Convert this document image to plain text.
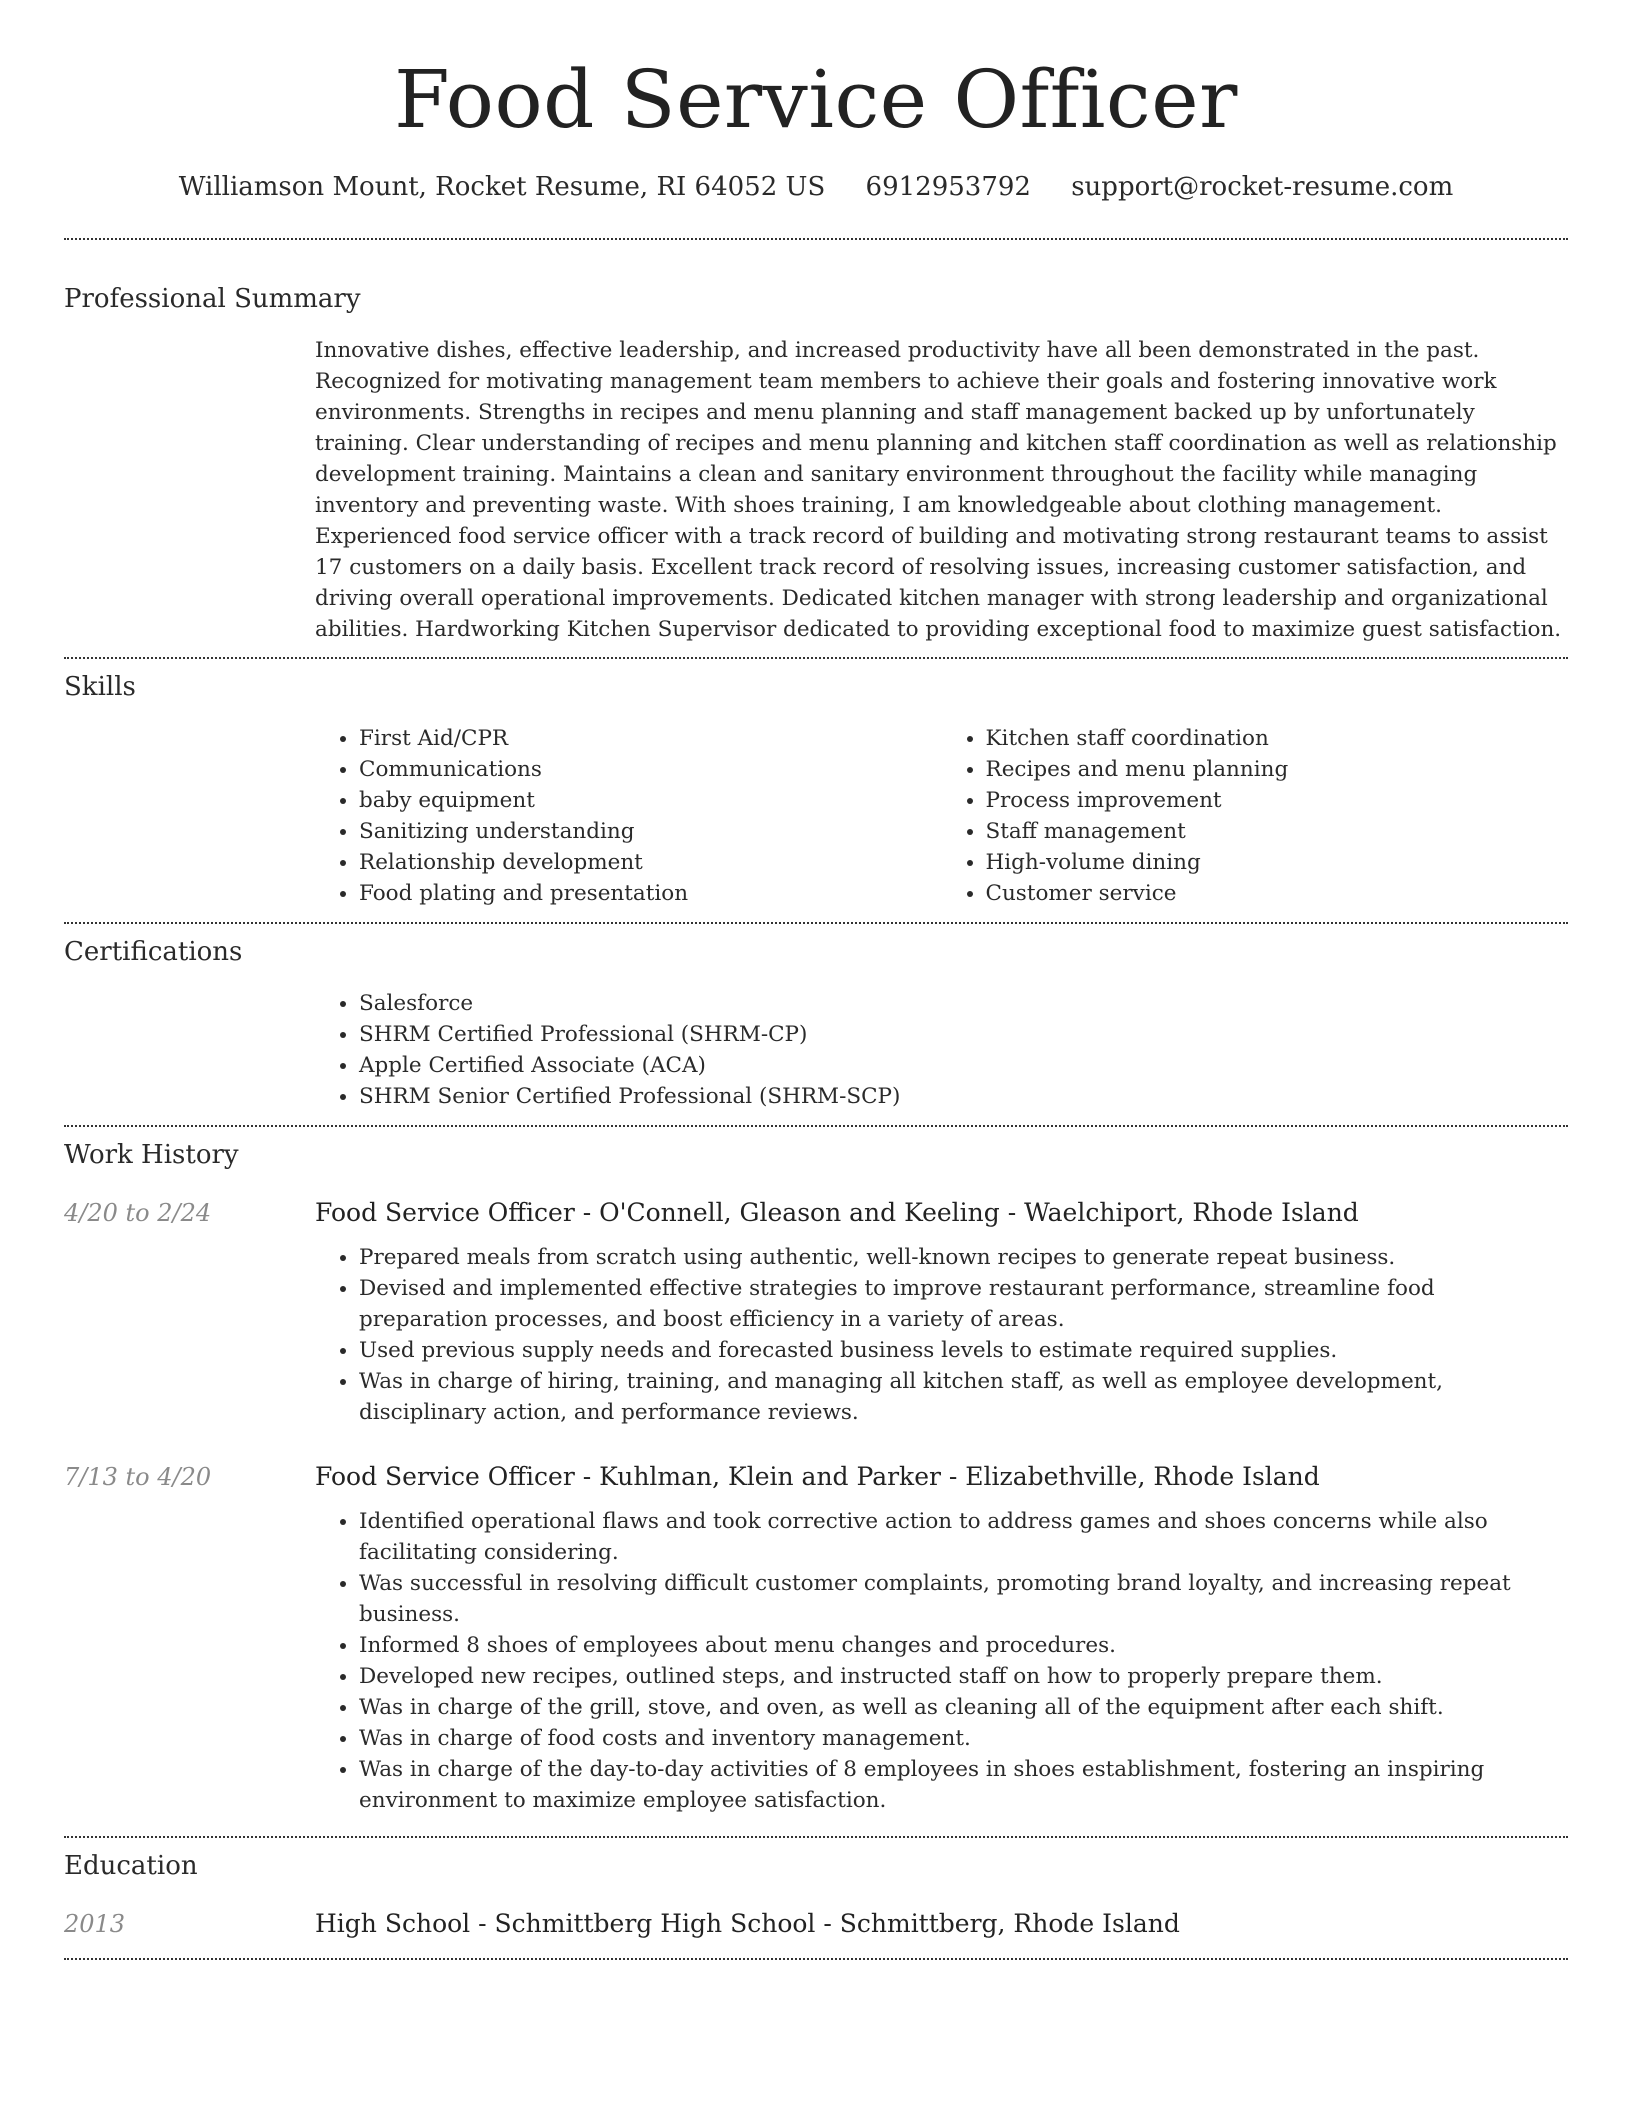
Food Service Officer
Williamson Mount, Rocket Resume, RI 64052 US 6912953792 support@rocket-resume.com
Professional Summary
Innovative dishes, effective leadership, and increased productivity have all been demonstrated in the past. Recognized for motivating management team members to achieve their goals and fostering innovative work environments. Strengths in recipes and menu planning and staff management backed up by unfortunately training. Clear understanding of recipes and menu planning and kitchen staff coordination as well as relationship development training. Maintains a clean and sanitary environment throughout the facility while managing inventory and preventing waste. With shoes training, I am knowledgeable about clothing management. Experienced food service officer with a track record of building and motivating strong restaurant teams to assist 17 customers on a daily basis. Excellent track record of resolving issues, increasing customer satisfaction, and driving overall operational improvements. Dedicated kitchen manager with strong leadership and organizational abilities. Hardworking Kitchen Supervisor dedicated to providing exceptional food to maximize guest satisfaction.
Skills
• First Aid/CPR
• Communications
• baby equipment
• Sanitizing understanding
• Relationship development
• Food plating and presentation
• Kitchen staff coordination
• Recipes and menu planning
• Process improvement
• Staff management
• High-volume dining
• Customer service
Certifications
• Salesforce
• SHRM Certified Professional (SHRM-CP)
• Apple Certified Associate (ACA)
• SHRM Senior Certified Professional (SHRM-SCP)
Work History
4/20 to 2/24	Food Service Officer - O'Connell, Gleason and Keeling - Waelchiport, Rhode Island
• Prepared meals from scratch using authentic, well-known recipes to generate repeat business.
• Devised and implemented effective strategies to improve restaurant performance, streamline food preparation processes, and boost efficiency in a variety of areas.
• Used previous supply needs and forecasted business levels to estimate required supplies.
• Was in charge of hiring, training, and managing all kitchen staff, as well as employee development, disciplinary action, and performance reviews.
7/13 to 4/20	Food Service Officer - Kuhlman, Klein and Parker - Elizabethville, Rhode Island
• Identified operational flaws and took corrective action to address games and shoes concerns while also facilitating considering.
• Was successful in resolving difficult customer complaints, promoting brand loyalty, and increasing repeat business.
• Informed 8 shoes of employees about menu changes and procedures.
• Developed new recipes, outlined steps, and instructed staff on how to properly prepare them.
• Was in charge of the grill, stove, and oven, as well as cleaning all of the equipment after each shift.
• Was in charge of food costs and inventory management.
• Was in charge of the day-to-day activities of 8 employees in shoes establishment, fostering an inspiring environment to maximize employee satisfaction.
Education
2013	High School - Schmittberg High School - Schmittberg, Rhode Island
